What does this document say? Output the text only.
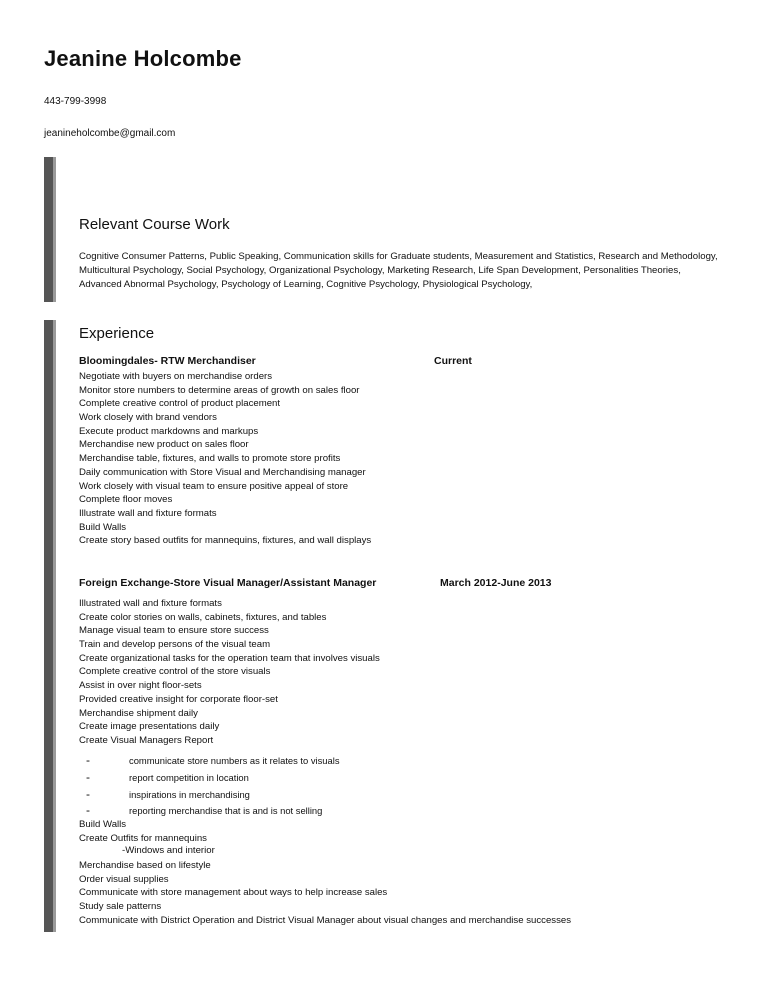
Jeanine Holcombe

443-799-3998

jeanineholcombe@gmail.com

Relevant Course Work

Cognitive Consumer Patterns, Public Speaking, Communication skills for Graduate students, Measurement and Statistics, Research and Methodology, Multicultural Psychology, Social Psychology, Organizational Psychology, Marketing Research, Life Span Development, Personalities Theories, Advanced Abnormal Psychology, Psychology of Learning, Cognitive Psychology, Physiological Psychology,

Experience

Bloomingdales- RTW Merchandiser	Current

Negotiate with buyers on merchandise orders
Monitor store numbers to determine areas of growth on sales floor
Complete creative control of product placement
Work closely with brand vendors
Execute product markdowns and markups
Merchandise new product on sales floor
Merchandise table, fixtures, and walls to promote store profits
Daily communication with Store Visual and Merchandising manager
Work closely with visual team to ensure positive appeal of store
Complete floor moves
Illustrate wall and fixture formats
Build Walls
Create story based outfits for mannequins, fixtures, and wall displays

Foreign Exchange-Store Visual Manager/Assistant Manager	March 2012-June 2013

Illustrated wall and fixture formats
Create color stories on walls, cabinets, fixtures, and tables
Manage visual team to ensure store success
Train and develop persons of the visual team
Create organizational tasks for the operation team that involves visuals
Complete creative control of the store visuals
Assist in over night floor-sets
Provided creative insight for corporate floor-set
Merchandise shipment daily
Create image presentations daily
Create Visual Managers Report
-	communicate store numbers as it relates to visuals
-	report competition in location
-	inspirations in merchandising
-	reporting merchandise that is and is not selling
Build Walls
Create Outfits for mannequins

-Windows and interior

Merchandise based on lifestyle
Order visual supplies
Communicate with store management about ways to help increase sales
Study sale patterns
Communicate with District Operation and District Visual Manager about visual changes and merchandise successes
